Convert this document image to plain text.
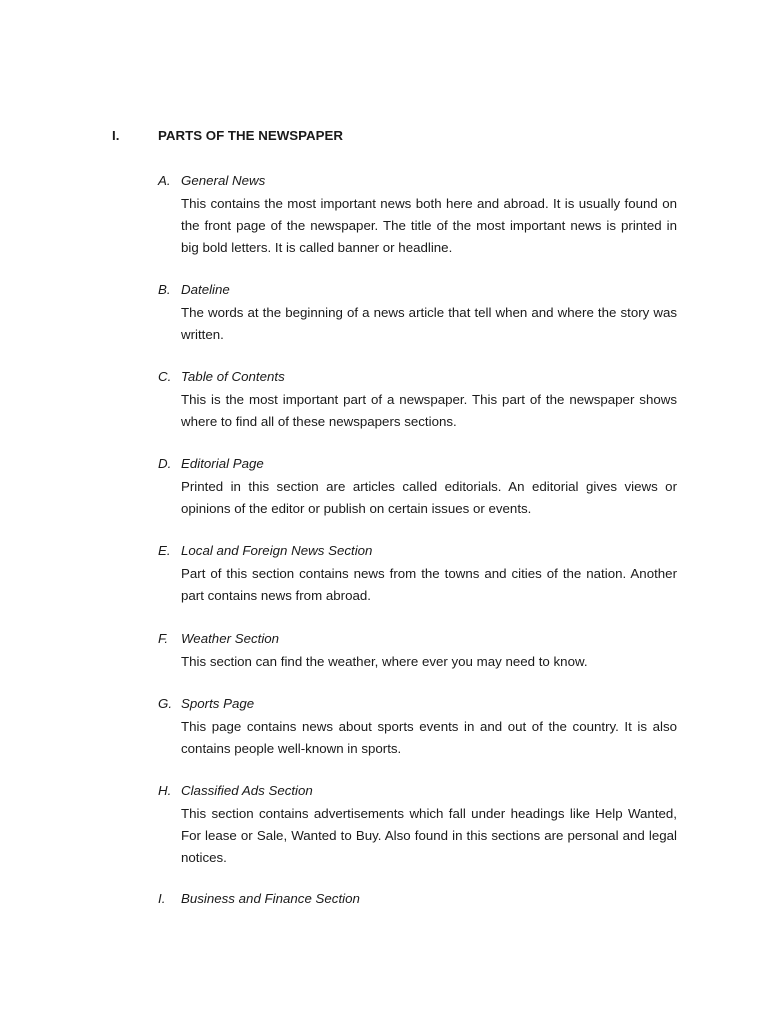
I.	PARTS OF THE NEWSPAPER
A. General News
This contains the most important news both here and abroad. It is usually found on the front page of the newspaper. The title of the most important news is printed in big bold letters. It is called banner or headline.
B. Dateline
The words at the beginning of a news article that tell when and where the story was written.
C. Table of Contents
This is the most important part of a newspaper. This part of the newspaper shows where to find all of these newspapers sections.
D. Editorial Page
Printed in this section are articles called editorials. An editorial gives views or opinions of the editor or publish on certain issues or events.
E. Local and Foreign News Section
Part of this section contains news from the towns and cities of the nation. Another part contains news from abroad.
F. Weather Section
This section can find the weather, where ever you may need to know.
G. Sports Page
This page contains news about sports events in and out of the country. It is also contains people well-known in sports.
H. Classified Ads Section
This section contains advertisements which fall under headings like Help Wanted, For lease or Sale, Wanted to Buy. Also found in this sections are personal and legal notices.
I. Business and Finance Section
